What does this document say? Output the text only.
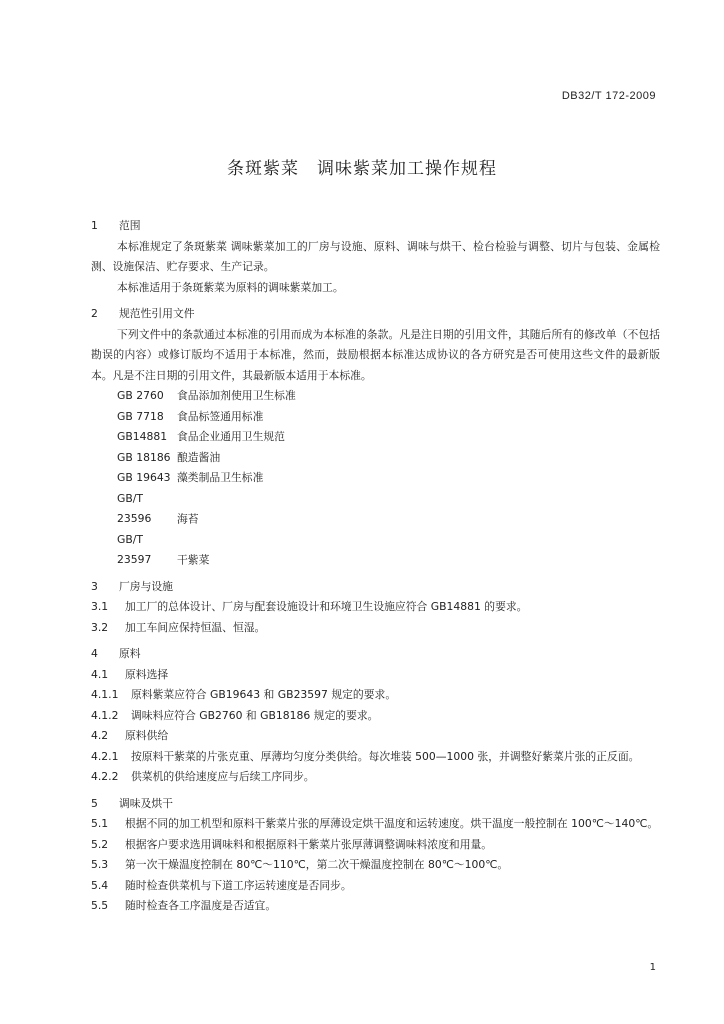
DB32/T 172-2009
条斑紫菜 调味紫菜加工操作规程
1	范围
本标准规定了条斑紫菜 调味紫菜加工的厂房与设施、原料、调味与烘干、检台检验与调整、切片与包装、金属检测、设施保洁、贮存要求、生产记录。
本标准适用于条斑紫菜为原料的调味紫菜加工。
2	规范性引用文件
下列文件中的条款通过本标准的引用而成为本标准的条款。凡是注日期的引用文件，其随后所有的修改单（不包括勘误的内容）或修订版均不适用于本标准，然而，鼓励根据本标准达成协议的各方研究是否可使用这些文件的最新版本。凡是不注日期的引用文件，其最新版本适用于本标准。
GB 2760 食品添加剂使用卫生标准
GB 7718 食品标签通用标准
GB14881 食品企业通用卫生规范
GB 18186 酿造酱油
GB 19643 藻类制品卫生标准
GB/T 23596 海苔
GB/T 23597 干紫菜
3	厂房与设施
3.1	加工厂的总体设计、厂房与配套设施设计和环境卫生设施应符合 GB14881 的要求。
3.2	加工车间应保持恒温、恒湿。
4	原料
4.1	原料选择
4.1.1	原料紫菜应符合 GB19643 和 GB23597 规定的要求。
4.1.2	调味料应符合 GB2760 和 GB18186 规定的要求。
4.2	原料供给
4.2.1	按原料干紫菜的片张克重、厚薄均匀度分类供给。每次堆装 500—1000 张，并调整好紫菜片张的正反面。
4.2.2	供菜机的供给速度应与后续工序同步。
5	调味及烘干
5.1	根据不同的加工机型和原料干紫菜片张的厚薄设定烘干温度和运转速度。烘干温度一般控制在 100℃～140℃。
5.2	根据客户要求选用调味料和根据原料干紫菜片张厚薄调整调味料浓度和用量。
5.3	第一次干燥温度控制在 80℃～110℃，第二次干燥温度控制在 80℃～100℃。
5.4	随时检查供菜机与下道工序运转速度是否同步。
5.5	随时检查各工序温度是否适宜。
1
